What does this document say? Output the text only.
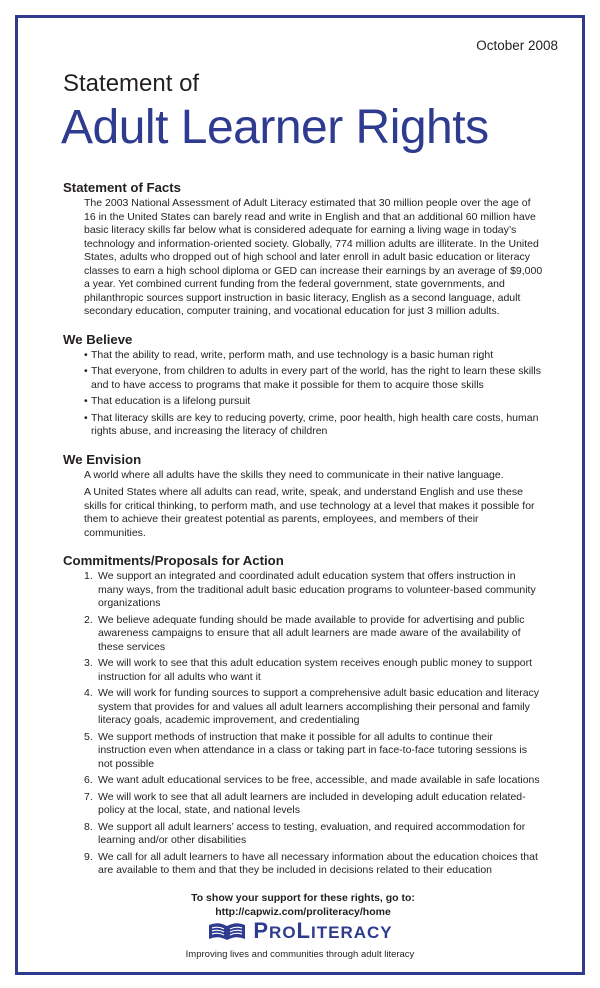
October 2008
Statement of
Adult Learner Rights
Statement of Facts

The 2003 National Assessment of Adult Literacy estimated that 30 million people over the age of 16 in the United States can barely read and write in English and that an additional 60 million have basic literacy skills far below what is considered adequate for earning a living wage in today’s technology and information-oriented society. Globally, 774 million adults are illiterate. In the United States, adults who dropped out of high school and later enroll in adult basic education or literacy classes to earn a high school diploma or GED can increase their earnings by an average of $9,000 a year. Yet combined current funding from the federal government, state governments, and philanthropic sources support instruction in basic literacy, English as a second language, adult secondary education, computer training, and vocational education for just 3 million adults.

We Believe
• That the ability to read, write, perform math, and use technology is a basic human right
• That everyone, from children to adults in every part of the world, has the right to learn these skills and to have access to programs that make it possible for them to acquire those skills
• That education is a lifelong pursuit
• That literacy skills are key to reducing poverty, crime, poor health, high health care costs, human rights abuse, and increasing the literacy of children
We Envision

A world where all adults have the skills they need to communicate in their native language.

A United States where all adults can read, write, speak, and understand English and use these skills for critical thinking, to perform math, and use technology at a level that makes it possible for them to achieve their greatest potential as parents, employees, and members of their communities.

Commitments/Proposals for Action
1. We support an integrated and coordinated adult education system that offers instruction in many ways, from the traditional adult basic education programs to volunteer-based community organizations
2. We believe adequate funding should be made available to provide for advertising and public awareness campaigns to ensure that all adult learners are made aware of the availability of these services
3. We will work to see that this adult education system receives enough public money to support instruction for all adults who want it
4. We will work for funding sources to support a comprehensive adult basic education and literacy system that provides for and values all adult learners accomplishing their personal and family literacy goals, academic improvement, and credentialing
5. We support methods of instruction that make it possible for all adults to continue their instruction even when attendance in a class or taking part in face-to-face tutoring sessions is not possible
6. We want adult educational services to be free, accessible, and made available in safe locations
7. We will work to see that all adult learners are included in developing adult education related-policy at the local, state, and national levels
8. We support all adult learners’ access to testing, evaluation, and required accommodation for learning and/or other disabilities
9. We call for all adult learners to have all necessary information about the education choices that are available to them and that they be included in decisions related to their education
To show your support for these rights, go to:
http://capwiz.com/proliteracy/home
PROLITERACY
Improving lives and communities through adult literacy
